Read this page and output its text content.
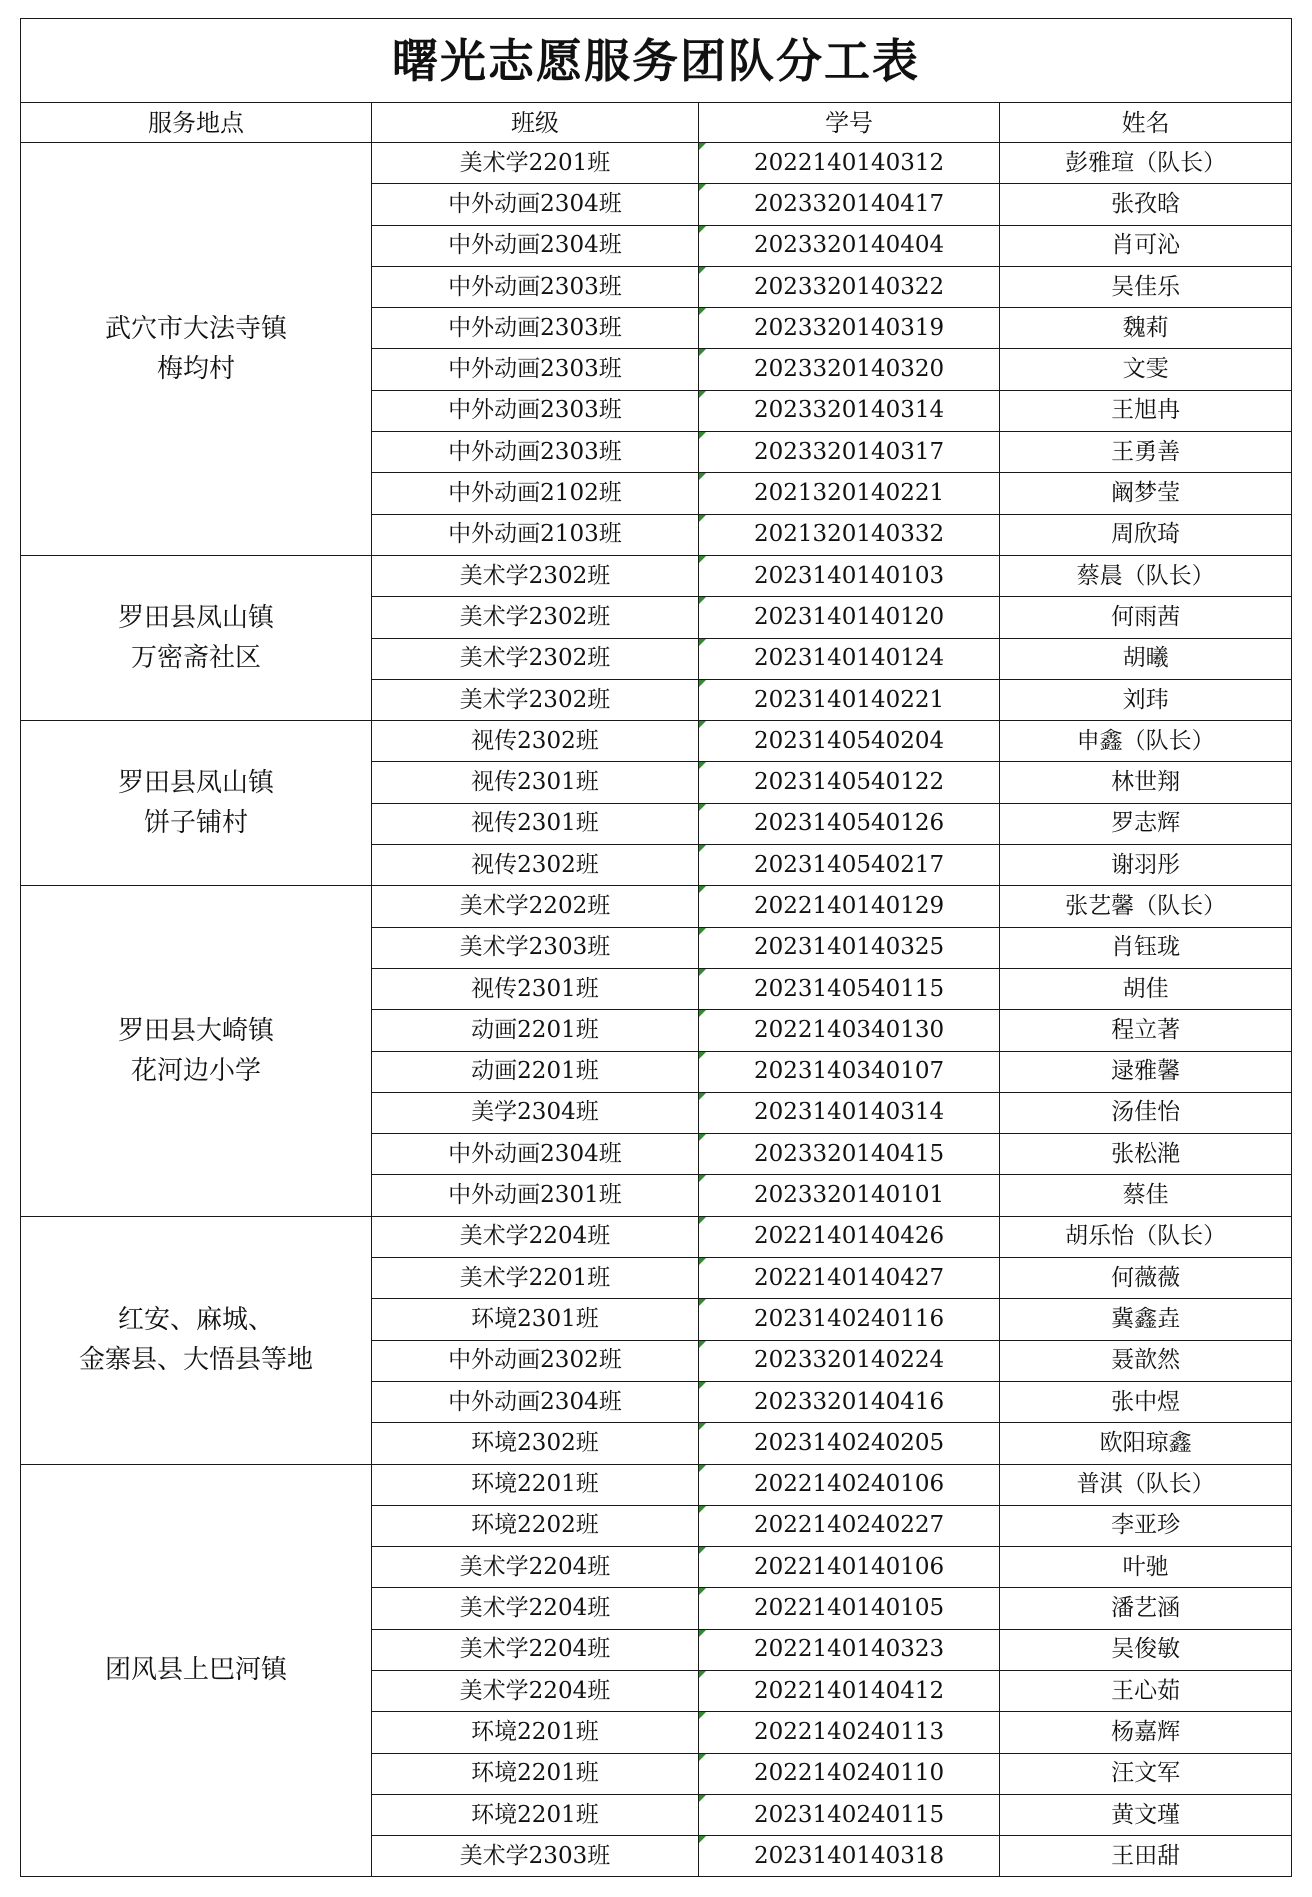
曙光志愿服务团队分工表			
服务地点	班级	学号	姓名

武穴市大法寺镇
梅均村	美术学2201班	2022140140312	彭雅瑄（队长）
	中外动画2304班	2023320140417	张孜晗
	中外动画2304班	2023320140404	肖可沁
	中外动画2303班	2023320140322	吴佳乐
	中外动画2303班	2023320140319	魏莉
	中外动画2303班	2023320140320	文雯
	中外动画2303班	2023320140314	王旭冉
	中外动画2303班	2023320140317	王勇善
	中外动画2102班	2021320140221	阚梦莹
	中外动画2103班	2021320140332	周欣琦

罗田县凤山镇
万密斋社区	美术学2302班	2023140140103	蔡晨（队长）
	美术学2302班	2023140140120	何雨茜
	美术学2302班	2023140140124	胡曦
	美术学2302班	2023140140221	刘玮

罗田县凤山镇
饼子铺村	视传2302班	2023140540204	申鑫（队长）
	视传2301班	2023140540122	林世翔
	视传2301班	2023140540126	罗志辉
	视传2302班	2023140540217	谢羽彤

罗田县大崎镇
花河边小学	美术学2202班	2022140140129	张艺馨（队长）
	美术学2303班	2023140140325	肖钰珑
	视传2301班	2023140540115	胡佳
	动画2201班	2022140340130	程立著
	动画2201班	2023140340107	逯雅馨
	美学2304班	2023140140314	汤佳怡
	中外动画2304班	2023320140415	张松滟
	中外动画2301班	2023320140101	蔡佳

红安、麻城、
金寨县、大悟县等地	美术学2204班	2022140140426	胡乐怡（队长）
	美术学2201班	2022140140427	何薇薇
	环境2301班	2023140240116	冀鑫垚
	中外动画2302班	2023320140224	聂歆然
	中外动画2304班	2023320140416	张中煜
	环境2302班	2023140240205	欧阳琼鑫

团风县上巴河镇	环境2201班	2022140240106	普淇（队长）
	环境2202班	2022140240227	李亚珍
	美术学2204班	2022140140106	叶驰
	美术学2204班	2022140140105	潘艺涵
	美术学2204班	2022140140323	吴俊敏
	美术学2204班	2022140140412	王心茹
	环境2201班	2022140240113	杨嘉辉
	环境2201班	2022140240110	汪文军
	环境2201班	2023140240115	黄文瑾
	美术学2303班	2023140140318	王田甜
